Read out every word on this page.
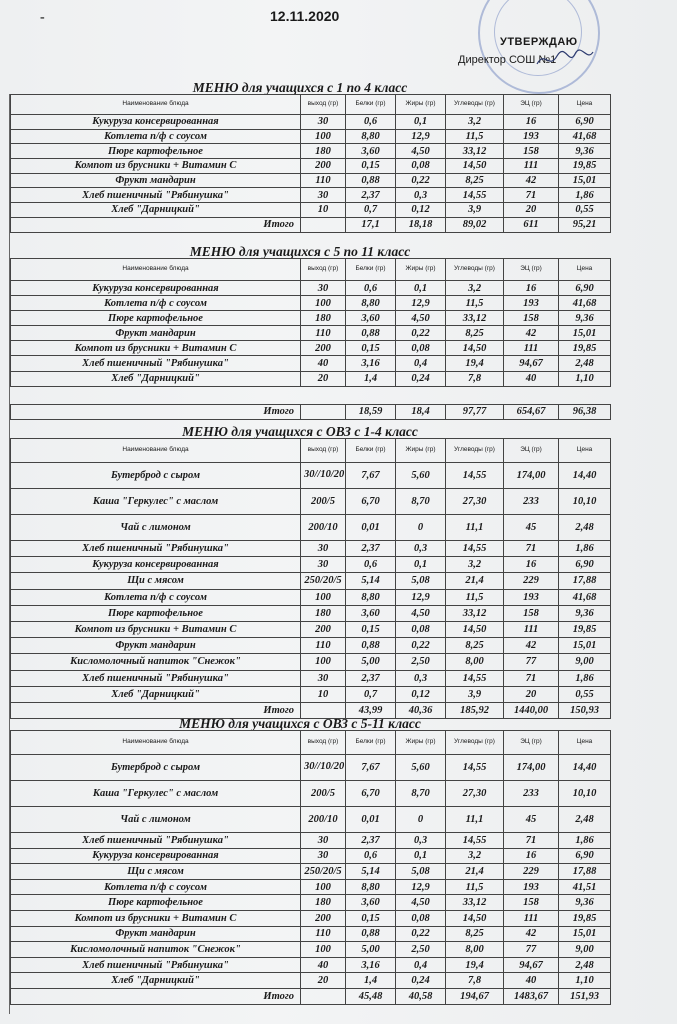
-	12.11.2020
УТВЕРЖДАЮ
Директор СОШ №1
МЕНЮ для учащихся с 1 по 4 класс
Наименование блюда	выход (гр)	Белки (гр)	Жиры (гр)	Углеводы (гр)	ЭЦ (гр)	Цена
Кукуруза консервированная	30	0,6	0,1	3,2	16	6,90
Котлета п/ф с соусом	100	8,80	12,9	11,5	193	41,68
Пюре картофельное	180	3,60	4,50	33,12	158	9,36
Компот из брусники + Витамин С	200	0,15	0,08	14,50	111	19,85
Фрукт мандарин	110	0,88	0,22	8,25	42	15,01
Хлеб пшеничный "Рябинушка"	30	2,37	0,3	14,55	71	1,86
Хлеб "Дарницкий"	10	0,7	0,12	3,9	20	0,55
Итого		17,1	18,18	89,02	611	95,21
МЕНЮ для учащихся с 5 по 11 класс
Наименование блюда	выход (гр)	Белки (гр)	Жиры (гр)	Углеводы (гр)	ЭЦ (гр)	Цена
Кукуруза консервированная	30	0,6	0,1	3,2	16	6,90
Котлета п/ф с соусом	100	8,80	12,9	11,5	193	41,68
Пюре картофельное	180	3,60	4,50	33,12	158	9,36
Фрукт мандарин	110	0,88	0,22	8,25	42	15,01
Компот из брусники + Витамин С	200	0,15	0,08	14,50	111	19,85
Хлеб пшеничный "Рябинушка"	40	3,16	0,4	19,4	94,67	2,48
Хлеб "Дарницкий"	20	1,4	0,24	7,8	40	1,10

Итого		18,59	18,4	97,77	654,67	96,38
МЕНЮ для учащихся с ОВЗ с 1-4 класс
Наименование блюда	выход (гр)	Белки (гр)	Жиры (гр)	Углеводы (гр)	ЭЦ (гр)	Цена
Бутерброд с сыром	30//10/20	7,67	5,60	14,55	174,00	14,40
Каша "Геркулес" с маслом	200/5	6,70	8,70	27,30	233	10,10
Чай с лимоном	200/10	0,01	0	11,1	45	2,48
Хлеб пшеничный "Рябинушка"	30	2,37	0,3	14,55	71	1,86
Кукуруза консервированная	30	0,6	0,1	3,2	16	6,90
Щи с мясом	250/20/5	5,14	5,08	21,4	229	17,88
Котлета п/ф с соусом	100	8,80	12,9	11,5	193	41,68
Пюре картофельное	180	3,60	4,50	33,12	158	9,36
Компот из брусники + Витамин С	200	0,15	0,08	14,50	111	19,85
Фрукт мандарин	110	0,88	0,22	8,25	42	15,01
Кисломолочный напиток "Снежок"	100	5,00	2,50	8,00	77	9,00
Хлеб пшеничный "Рябинушка"	30	2,37	0,3	14,55	71	1,86
Хлеб "Дарницкий"	10	0,7	0,12	3,9	20	0,55
Итого		43,99	40,36	185,92	1440,00	150,93
МЕНЮ для учащихся с ОВЗ с 5-11 класс
Наименование блюда	выход (гр)	Белки (гр)	Жиры (гр)	Углеводы (гр)	ЭЦ (гр)	Цена
Бутерброд с сыром	30//10/20	7,67	5,60	14,55	174,00	14,40
Каша "Геркулес" с маслом	200/5	6,70	8,70	27,30	233	10,10
Чай с лимоном	200/10	0,01	0	11,1	45	2,48
Хлеб пшеничный "Рябинушка"	30	2,37	0,3	14,55	71	1,86
Кукуруза консервированная	30	0,6	0,1	3,2	16	6,90
Щи с мясом	250/20/5	5,14	5,08	21,4	229	17,88
Котлета п/ф с соусом	100	8,80	12,9	11,5	193	41,51
Пюре картофельное	180	3,60	4,50	33,12	158	9,36
Компот из брусники + Витамин С	200	0,15	0,08	14,50	111	19,85
Фрукт мандарин	110	0,88	0,22	8,25	42	15,01
Кисломолочный напиток "Снежок"	100	5,00	2,50	8,00	77	9,00
Хлеб пшеничный "Рябинушка"	40	3,16	0,4	19,4	94,67	2,48
Хлеб "Дарницкий"	20	1,4	0,24	7,8	40	1,10
Итого		45,48	40,58	194,67	1483,67	151,93
